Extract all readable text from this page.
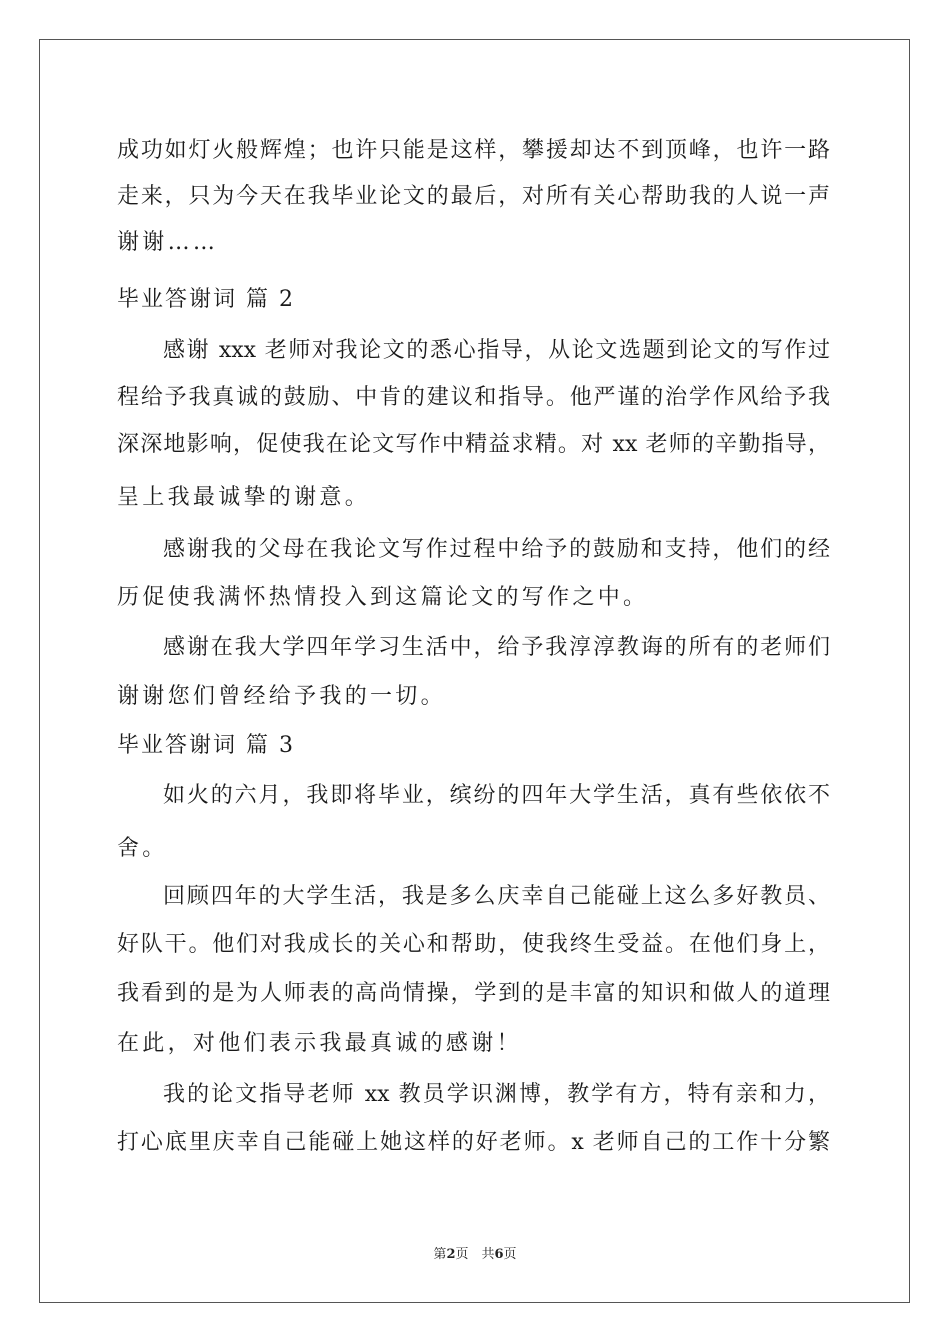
成功如灯火般辉煌；也许只能是这样，攀援却达不到顶峰，也许一路
走来，只为今天在我毕业论文的最后，对所有关心帮助我的人说一声
谢谢……
毕业答谢词 篇 2
感谢 xxx 老师对我论文的悉心指导，从论文选题到论文的写作过
程给予我真诚的鼓励、中肯的建议和指导。他严谨的治学作风给予我
深深地影响，促使我在论文写作中精益求精。对 xx 老师的辛勤指导，
呈上我最诚挚的谢意。
感谢我的父母在我论文写作过程中给予的鼓励和支持，他们的经
历促使我满怀热情投入到这篇论文的写作之中。
感谢在我大学四年学习生活中，给予我淳淳教诲的所有的老师们
谢谢您们曾经给予我的一切。
毕业答谢词 篇 3
如火的六月，我即将毕业，缤纷的四年大学生活，真有些依依不
舍。
回顾四年的大学生活，我是多么庆幸自己能碰上这么多好教员、
好队干。他们对我成长的关心和帮助，使我终生受益。在他们身上，
我看到的是为人师表的高尚情操，学到的是丰富的知识和做人的道理
在此，对他们表示我最真诚的感谢！
我的论文指导老师 xx 教员学识渊博，教学有方，特有亲和力，
打心底里庆幸自己能碰上她这样的好老师。x 老师自己的工作十分繁
第2页　共6页
